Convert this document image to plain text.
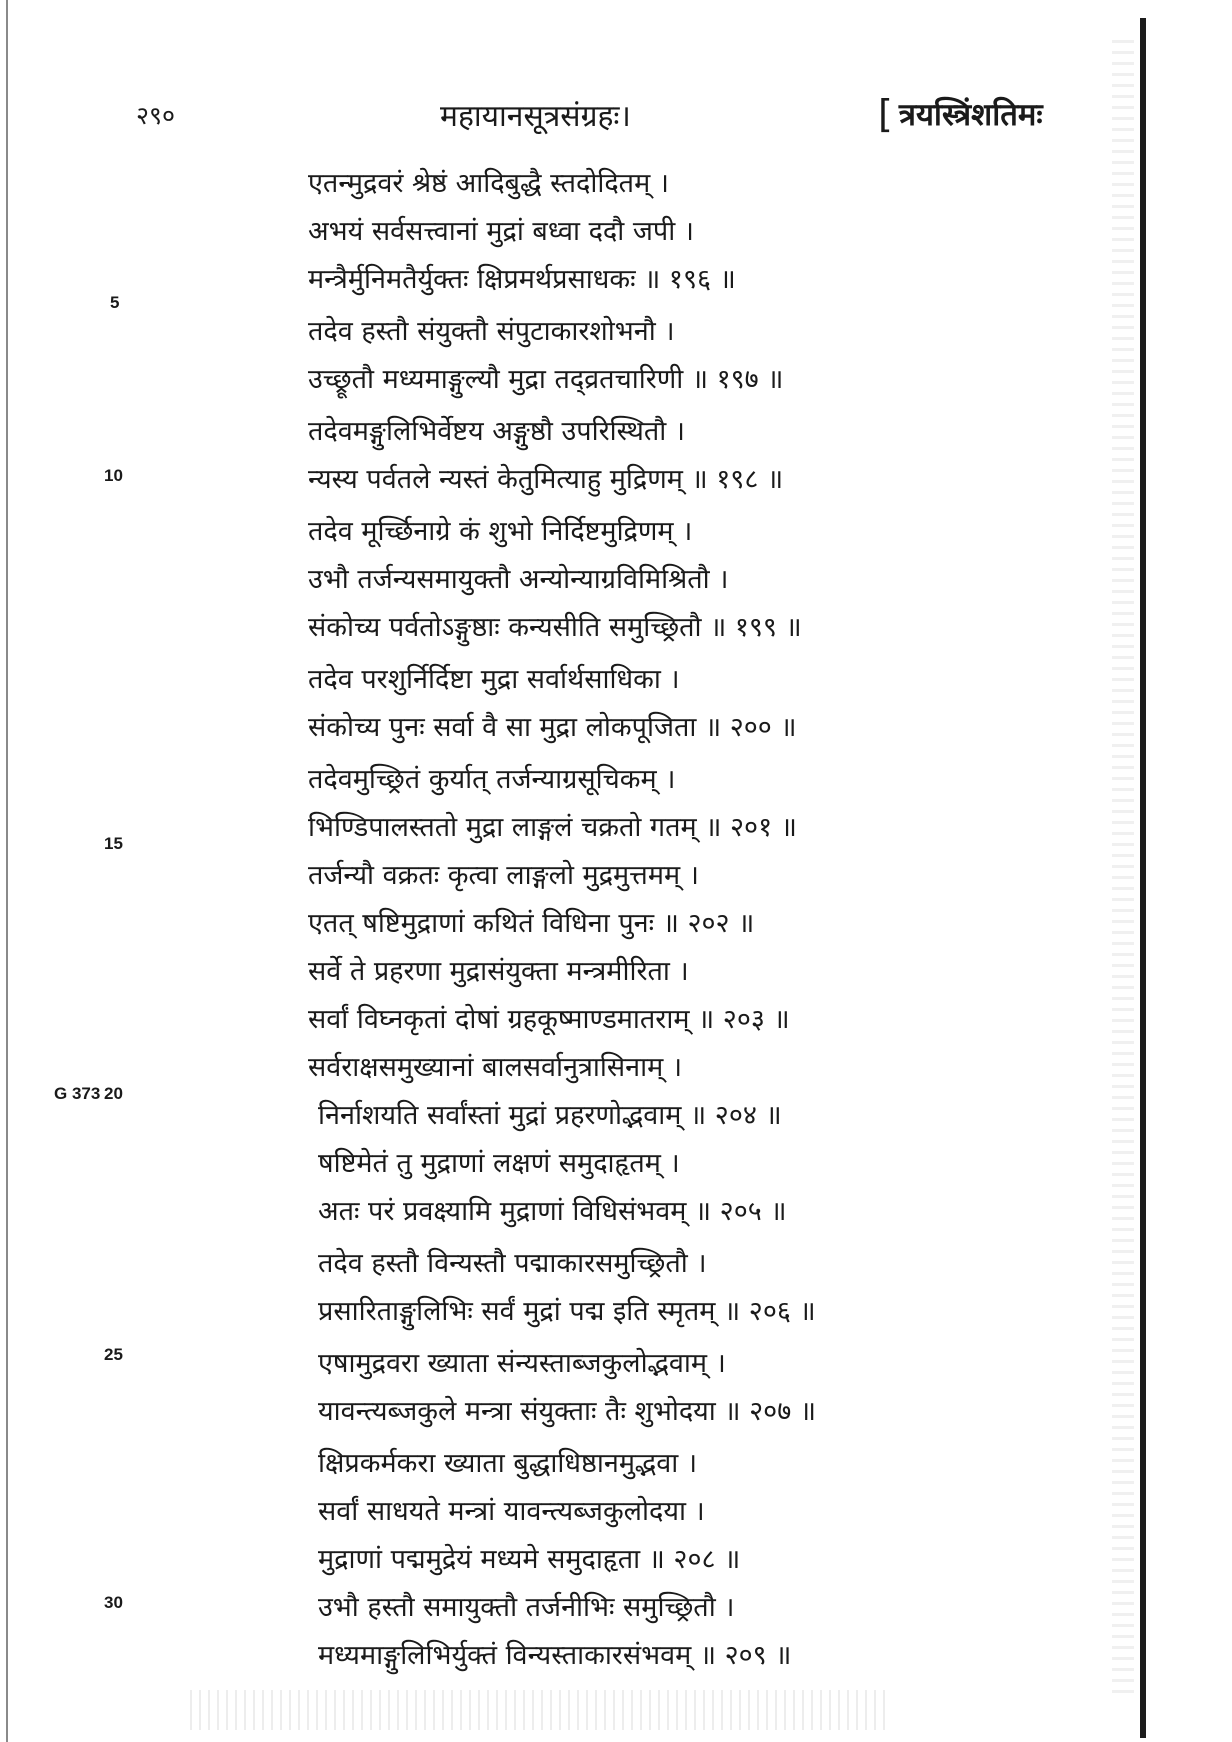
२९०	महायानसूत्रसंग्रहः।	[ त्रयस्त्रिंशतिमः
5
10
15
20
25
30
G 373
एतन्मुद्रवरं श्रेष्ठं आदिबुद्धै स्तदोदितम् ।
अभयं सर्वसत्त्वानां मुद्रां बध्वा ददौ जपी ।
मन्त्रैर्मुनिमतैर्युक्तः क्षिप्रमर्थप्रसाधकः ॥ १९६ ॥
तदेव हस्तौ संयुक्तौ संपुटाकारशोभनौ ।
उच्छ्रूतौ मध्यमाङ्गुल्यौ मुद्रा तद्व्रतचारिणी ॥ १९७ ॥
तदेवमङ्गुलिभिर्वेष्टय अङ्गुष्ठौ उपरिस्थितौ ।
न्यस्य पर्वतले न्यस्तं केतुमित्याहु मुद्रिणम् ॥ १९८ ॥
तदेव मूर्च्छिनाग्रे कं शुभो निर्दिष्टमुद्रिणम् ।
उभौ तर्जन्यसमायुक्तौ अन्योन्याग्रविमिश्रितौ ।
संकोच्य पर्वतोऽङ्गुष्ठाः कन्यसीति समुच्छ्रितौ ॥ १९९ ॥
तदेव परशुर्निर्दिष्टा मुद्रा सर्वार्थसाधिका ।
संकोच्य पुनः सर्वा वै सा मुद्रा लोकपूजिता ॥ २०० ॥
तदेवमुच्छ्रितं कुर्यात् तर्जन्याग्रसूचिकम् ।
भिण्डिपालस्ततो मुद्रा लाङ्गलं चक्रतो गतम् ॥ २०१ ॥
तर्जन्यौ वक्रतः कृत्वा लाङ्गलो मुद्रमुत्तमम् ।
एतत् षष्टिमुद्राणां कथितं विधिना पुनः ॥ २०२ ॥
सर्वे ते प्रहरणा मुद्रासंयुक्ता मन्त्रमीरिता ।
सर्वां विघ्नकृतां दोषां ग्रहकूष्माण्डमातराम् ॥ २०३ ॥
सर्वराक्षसमुख्यानां बालसर्वानुत्रासिनाम् ।
निर्नाशयति सर्वांस्तां मुद्रां प्रहरणोद्भवाम् ॥ २०४ ॥
षष्टिमेतं तु मुद्राणां लक्षणं समुदाहृतम् ।
अतः परं प्रवक्ष्यामि मुद्राणां विधिसंभवम् ॥ २०५ ॥
तदेव हस्तौ विन्यस्तौ पद्माकारसमुच्छ्रितौ ।
प्रसारिताङ्गुलिभिः सर्वं मुद्रां पद्म इति स्मृतम् ॥ २०६ ॥
एषामुद्रवरा ख्याता संन्यस्ताब्जकुलोद्भवाम् ।
यावन्त्यब्जकुले मन्त्रा संयुक्ताः तैः शुभोदया ॥ २०७ ॥
क्षिप्रकर्मकरा ख्याता बुद्धाधिष्ठानमुद्भवा ।
सर्वां साधयते मन्त्रां यावन्त्यब्जकुलोदया ।
मुद्राणां पद्ममुद्रेयं मध्यमे समुदाहृता ॥ २०८ ॥
उभौ हस्तौ समायुक्तौ तर्जनीभिः समुच्छ्रितौ ।
मध्यमाङ्गुलिभिर्युक्तं विन्यस्ताकारसंभवम् ॥ २०९ ॥
